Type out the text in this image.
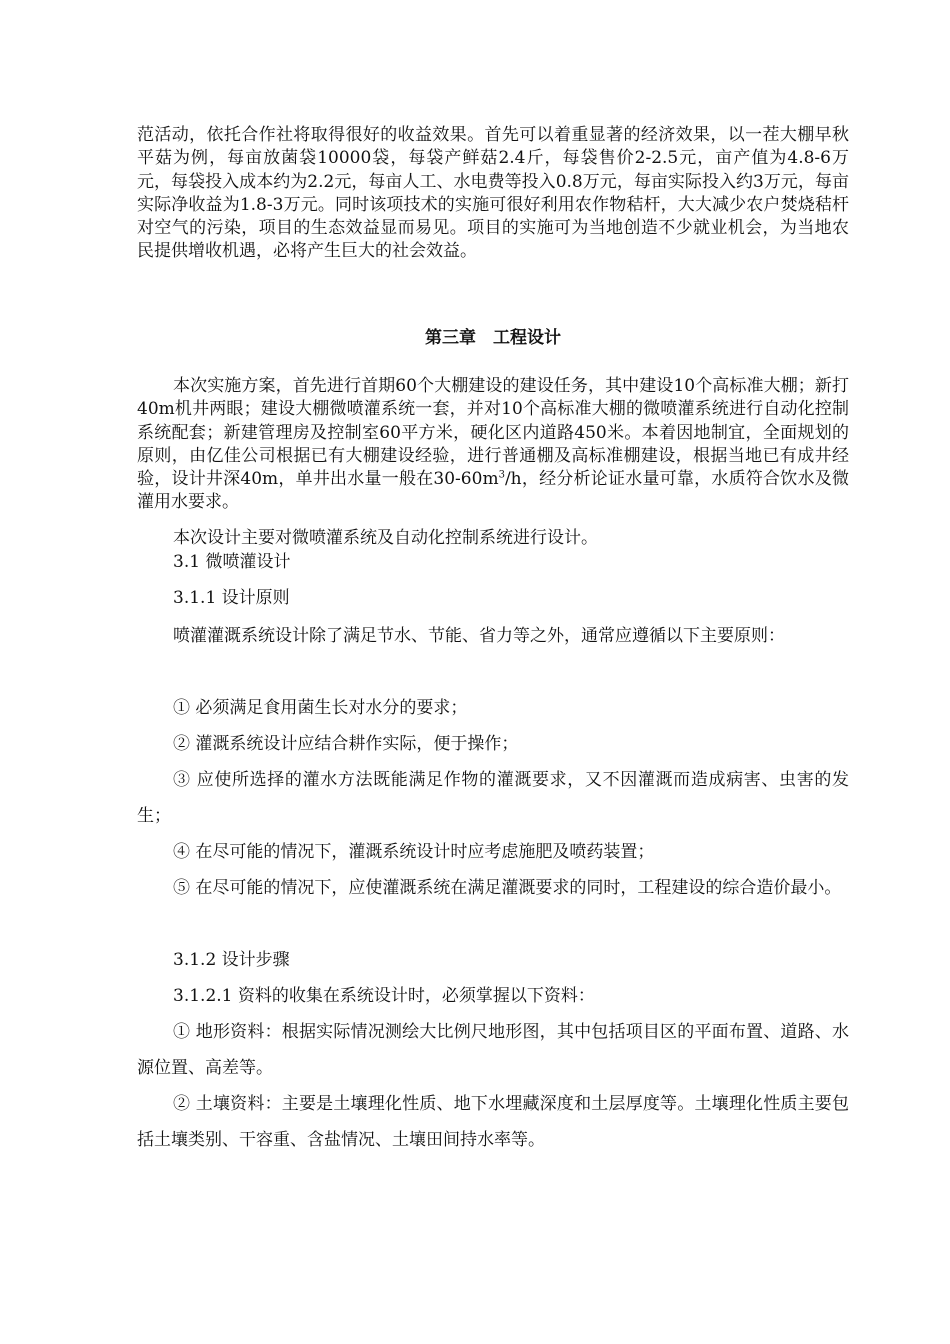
范活动，依托合作社将取得很好的收益效果。首先可以着重显著的经济效果，以一茬大棚早秋平菇为例，每亩放菌袋10000袋，每袋产鲜菇2.4斤，每袋售价2-2.5元，亩产值为4.8-6万元，每袋投入成本约为2.2元，每亩人工、水电费等投入0.8万元，每亩实际投入约3万元，每亩实际净收益为1.8-3万元。同时该项技术的实施可很好利用农作物秸杆，大大减少农户焚烧秸杆对空气的污染，项目的生态效益显而易见。项目的实施可为当地创造不少就业机会，为当地农民提供增收机遇，必将产生巨大的社会效益。

第三章　工程设计

本次实施方案，首先进行首期60个大棚建设的建设任务，其中建设10个高标准大棚；新打40m机井两眼；建设大棚微喷灌系统一套，并对10个高标准大棚的微喷灌系统进行自动化控制系统配套；新建管理房及控制室60平方米，硬化区内道路450米。本着因地制宜，全面规划的原则，由亿佳公司根据已有大棚建设经验，进行普通棚及高标准棚建设，根据当地已有成井经验，设计井深40m，单井出水量一般在$30-60m^3/h$，经分析论证水量可靠，水质符合饮水及微灌用水要求。

本次设计主要对微喷灌系统及自动化控制系统进行设计。

3.1 微喷灌设计

3.1.1 设计原则

喷灌灌溉系统设计除了满足节水、节能、省力等之外，通常应遵循以下主要原则：

① 必须满足食用菌生长对水分的要求；

② 灌溉系统设计应结合耕作实际，便于操作；

③ 应使所选择的灌水方法既能满足作物的灌溉要求，又不因灌溉而造成病害、虫害的发生；

④ 在尽可能的情况下，灌溉系统设计时应考虑施肥及喷药装置；

⑤ 在尽可能的情况下，应使灌溉系统在满足灌溉要求的同时，工程建设的综合造价最小。

3.1.2 设计步骤

3.1.2.1 资料的收集在系统设计时，必须掌握以下资料：

① 地形资料：根据实际情况测绘大比例尺地形图，其中包括项目区的平面布置、道路、水源位置、高差等。

② 土壤资料：主要是土壤理化性质、地下水埋藏深度和土层厚度等。土壤理化性质主要包括土壤类别、干容重、含盐情况、土壤田间持水率等。
